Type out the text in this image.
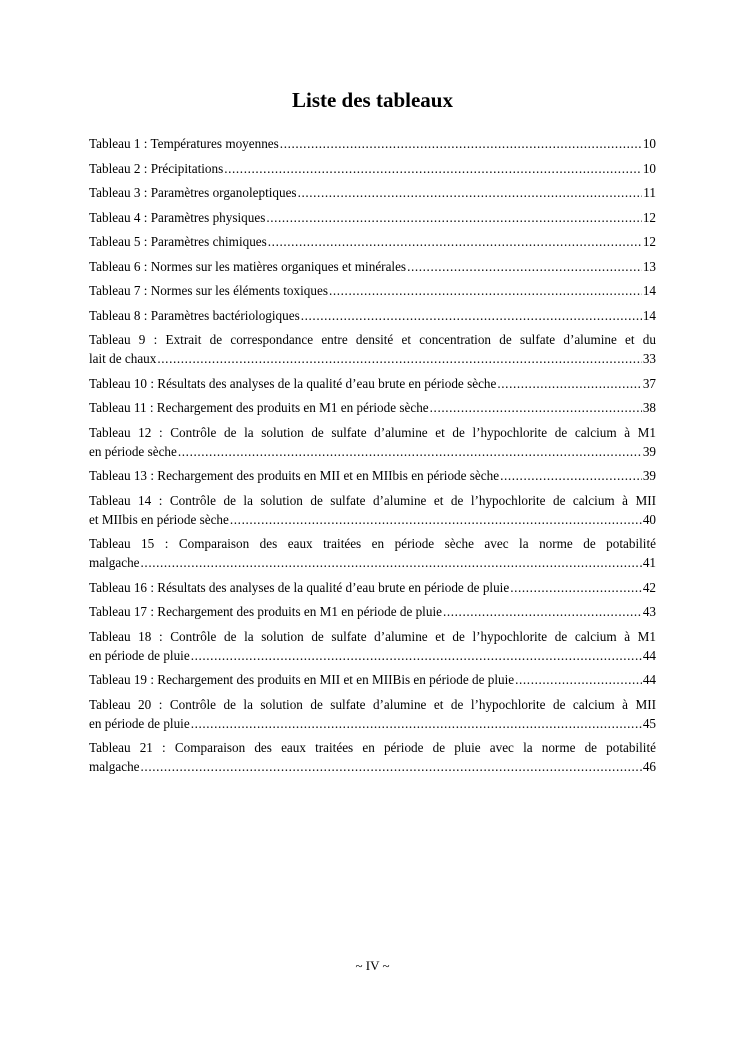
Liste des tableaux
Tableau 1 : Températures moyennes .....	10
Tableau 2 : Précipitations .....	10
Tableau 3 : Paramètres organoleptiques .....	11
Tableau 4 : Paramètres physiques .....	12
Tableau 5 : Paramètres chimiques .....	12
Tableau 6 : Normes sur les matières organiques et minérales .....	13
Tableau 7 : Normes sur les éléments toxiques .....	14
Tableau 8 : Paramètres bactériologiques .....	14
Tableau 9 : Extrait de correspondance entre densité et concentration de sulfate d’alumine et du
lait de chaux .....	33
Tableau 10 : Résultats des analyses de la qualité d’eau brute en période sèche .....	37
Tableau 11 : Rechargement des produits en M1 en période sèche .....	38
Tableau 12 : Contrôle de la solution de sulfate d’alumine et de l’hypochlorite de calcium à M1
en période sèche .....	39
Tableau 13 : Rechargement des produits en MII et en MIIbis en période sèche .....	39
Tableau 14 : Contrôle de la solution de sulfate d’alumine et de l’hypochlorite de calcium à MII
et MIIbis en période sèche .....	40
Tableau 15 : Comparaison des eaux traitées en période sèche avec la norme de potabilité
malgache .....	41
Tableau 16 : Résultats des analyses de la qualité d’eau brute en période de pluie .....	42
Tableau 17 : Rechargement des produits en M1 en période de pluie .....	43
Tableau 18 : Contrôle de la solution de sulfate d’alumine et de l’hypochlorite de calcium à M1
en période de pluie .....	44
Tableau 19 : Rechargement des produits en MII et en MIIBis en période de pluie .....	44
Tableau 20 : Contrôle de la solution de sulfate d’alumine et de l’hypochlorite de calcium à MII
en période de pluie .....	45
Tableau 21 : Comparaison des eaux traitées en période de pluie avec la norme de potabilité
malgache .....	46
~ IV ~
